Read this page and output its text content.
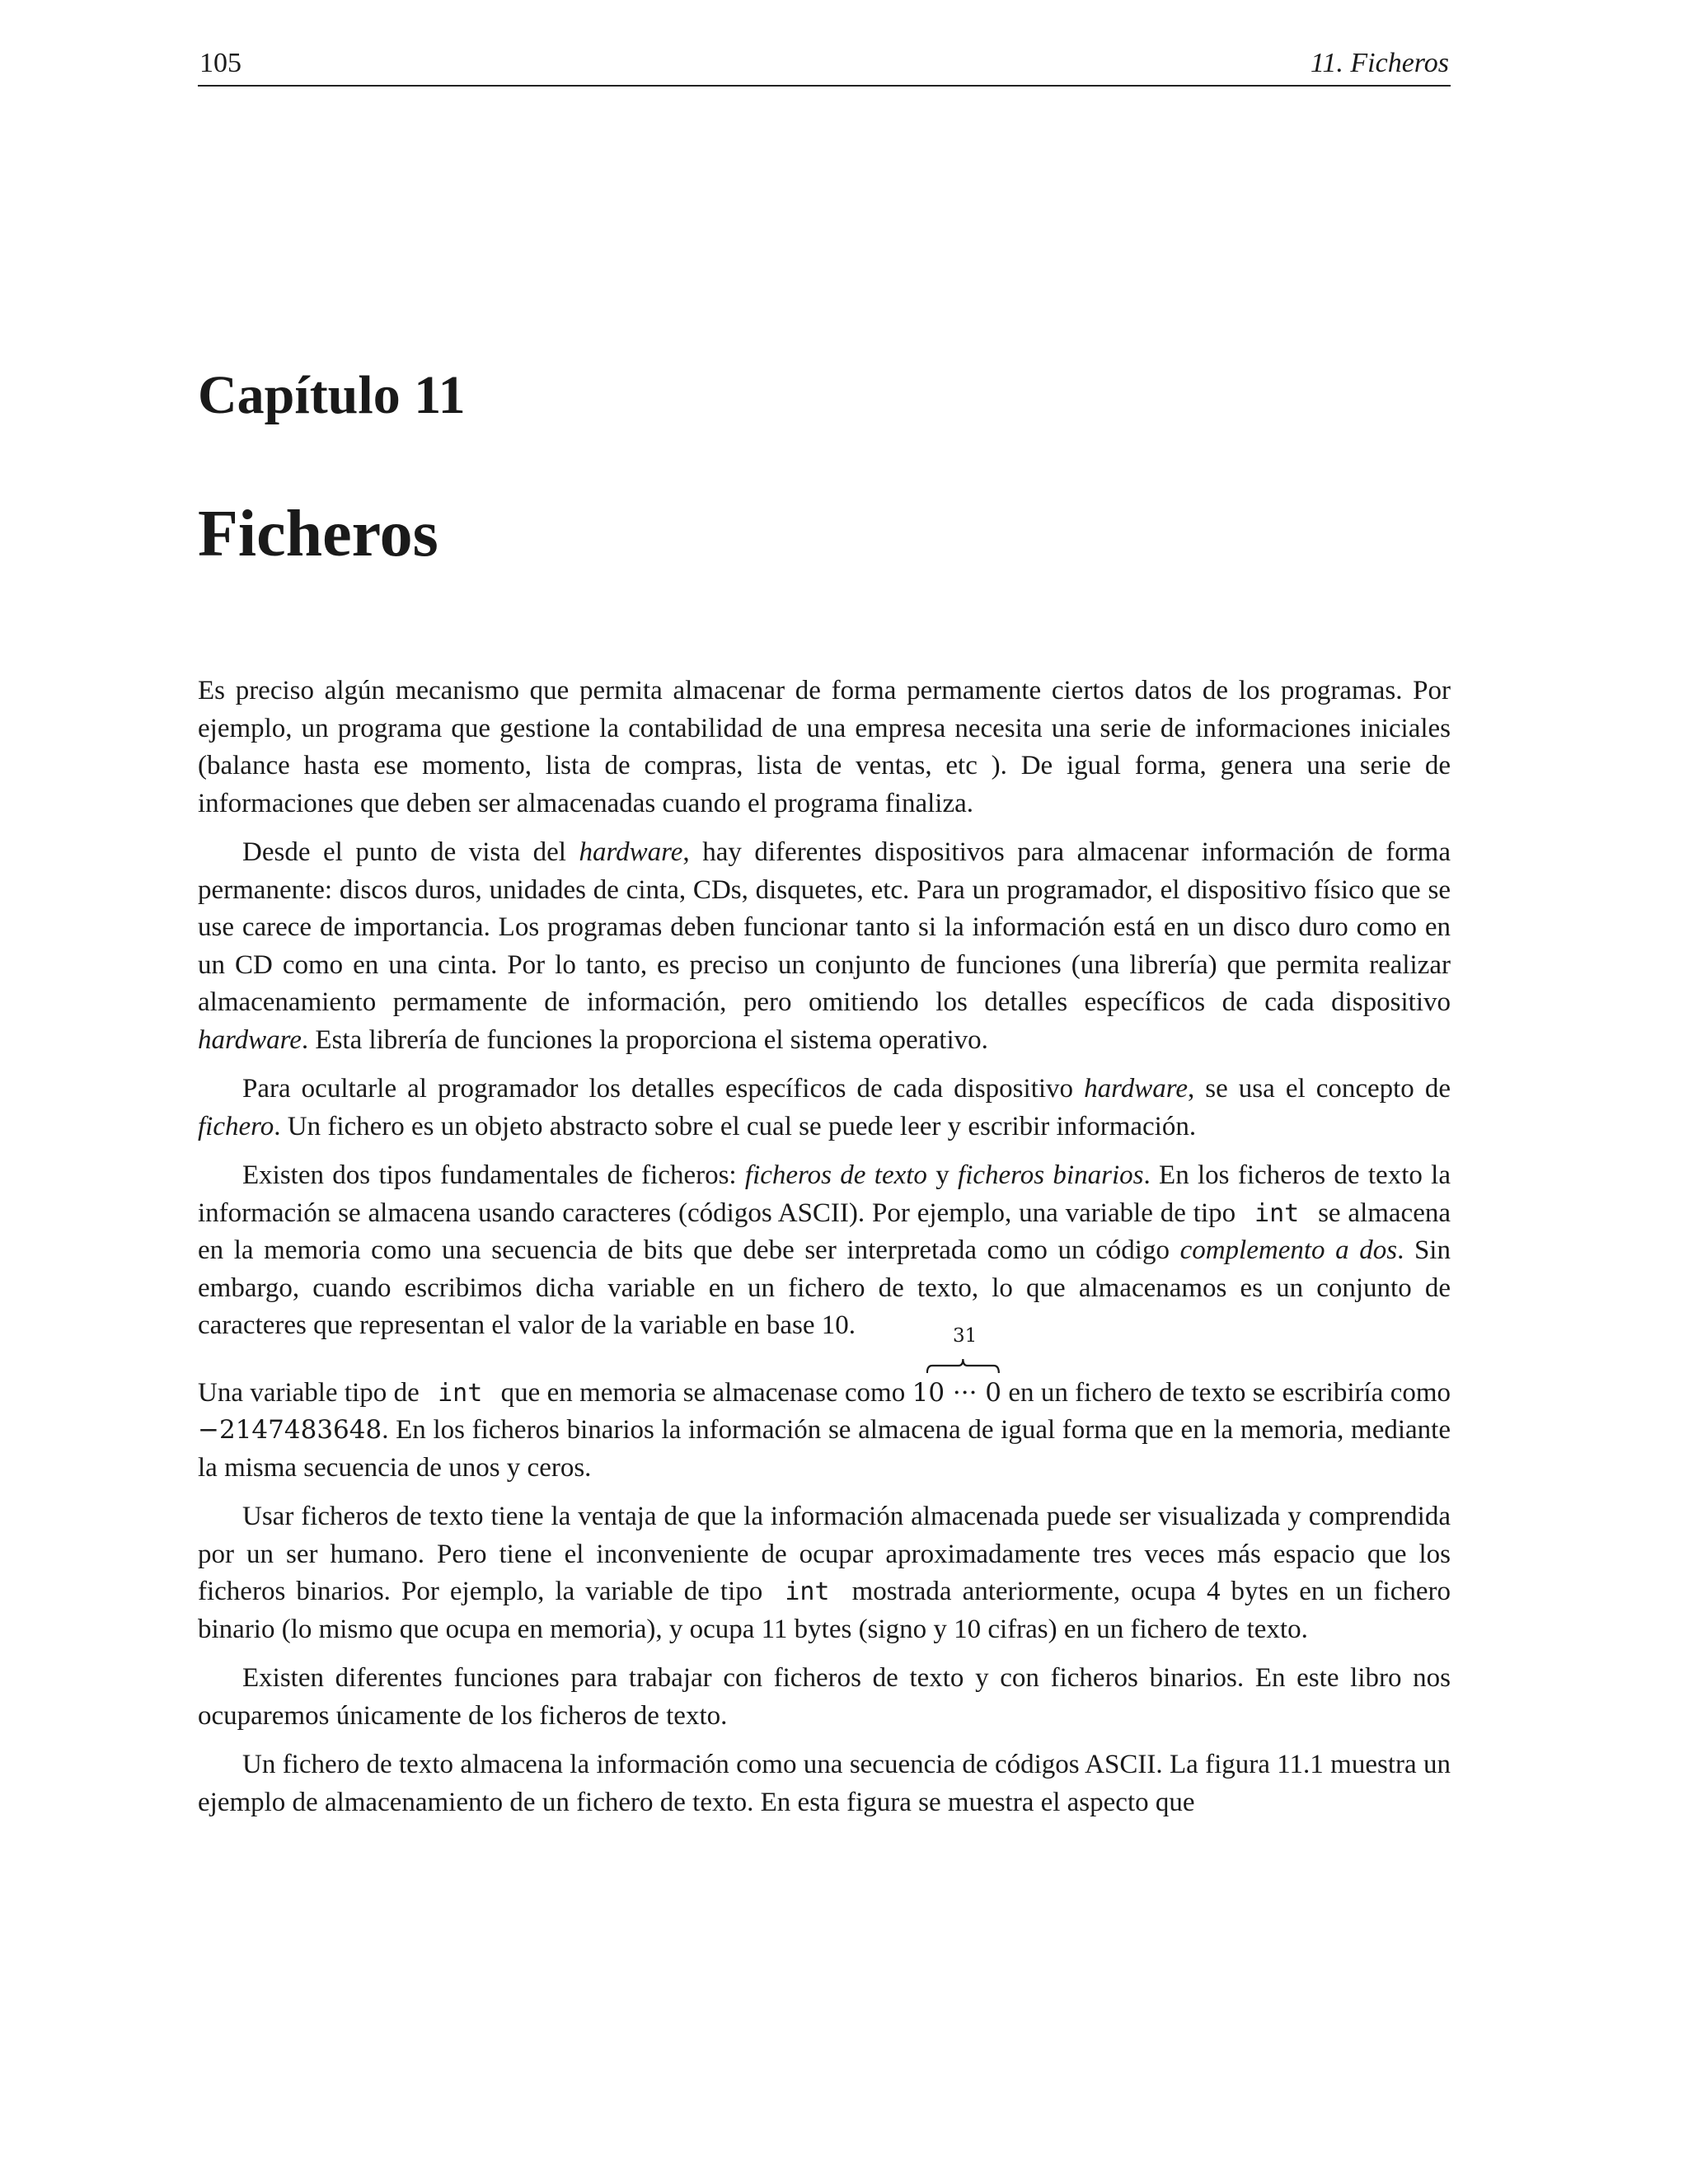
105	11. Ficheros
Capítulo 11
Ficheros

Es preciso algún mecanismo que permita almacenar de forma permamente ciertos datos de los programas. Por ejemplo, un programa que gestione la contabilidad de una empresa necesita una serie de informaciones iniciales (balance hasta ese momento, lista de compras, lista de ventas, etc ). De igual forma, genera una serie de informaciones que deben ser almacenadas cuando el programa finaliza.

Desde el punto de vista del hardware, hay diferentes dispositivos para almacenar información de forma permanente: discos duros, unidades de cinta, CDs, disquetes, etc. Para un programador, el dispositivo físico que se use carece de importancia. Los programas deben funcionar tanto si la información está en un disco duro como en un CD como en una cinta. Por lo tanto, es preciso un conjunto de funciones (una librería) que permita realizar almacenamiento permamente de información, pero omitiendo los detalles específicos de cada dispositivo hardware. Esta librería de funciones la proporciona el sistema operativo.

Para ocultarle al programador los detalles específicos de cada dispositivo hardware, se usa el concepto de fichero. Un fichero es un objeto abstracto sobre el cual se puede leer y escribir información.

Existen dos tipos fundamentales de ficheros: ficheros de texto y ficheros binarios. En los ficheros de texto la información se almacena usando caracteres (códigos ASCII). Por ejemplo, una variable de tipo int se almacena en la memoria como una secuencia de bits que debe ser interpretada como un código complemento a dos. Sin embargo, cuando escribimos dicha variable en un fichero de texto, lo que almacenamos es un conjunto de caracteres que representan el valor de la variable en base 10.

Una variable tipo de int que en memoria se almacenase como 1
31
0 ··· 0 en un fichero de texto se escribiría como −2147483648. En los ficheros binarios la información se almacena de igual forma que en la memoria, mediante la misma secuencia de unos y ceros.

Usar ficheros de texto tiene la ventaja de que la información almacenada puede ser visualizada y comprendida por un ser humano. Pero tiene el inconveniente de ocupar aproximadamente tres veces más espacio que los ficheros binarios. Por ejemplo, la variable de tipo int mostrada anteriormente, ocupa 4 bytes en un fichero binario (lo mismo que ocupa en memoria), y ocupa 11 bytes (signo y 10 cifras) en un fichero de texto.

Existen diferentes funciones para trabajar con ficheros de texto y con ficheros binarios. En este libro nos ocuparemos únicamente de los ficheros de texto.

Un fichero de texto almacena la información como una secuencia de códigos ASCII. La figura 11.1 muestra un ejemplo de almacenamiento de un fichero de texto. En esta figura se muestra el aspecto que
